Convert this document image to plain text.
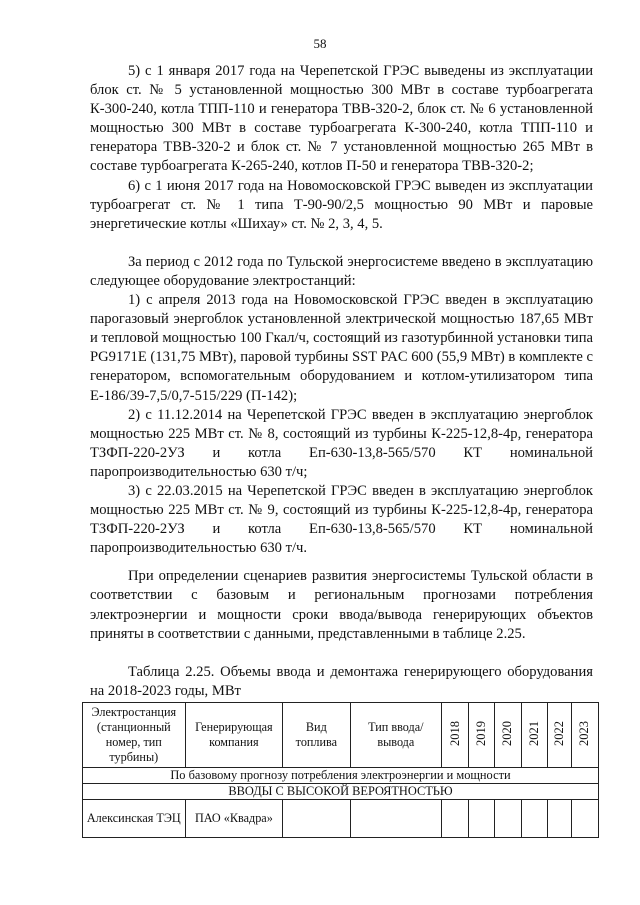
58

5) с 1 января 2017 года на Черепетской ГРЭС выведены из эксплуатации блок ст. № 5 установленной мощностью 300 МВт в составе турбоагрегата К-300-240, котла ТПП-110 и генератора ТВВ-320-2, блок ст. № 6 установленной мощностью 300 МВт в составе турбоагрегата К-300-240, котла ТПП-110 и генератора ТВВ-320-2 и блок ст. № 7 установленной мощностью 265 МВт в составе турбоагрегата К-265-240, котлов П-50 и генератора ТВВ-320-2;

6) с 1 июня 2017 года на Новомосковской ГРЭС выведен из эксплуатации турбоагрегат ст. № 1 типа Т-90-90/2,5 мощностью 90 МВт и паровые энергетические котлы «Шихау» ст. № 2, 3, 4, 5.

За период с 2012 года по Тульской энергосистеме введено в эксплуатацию следующее оборудование электростанций:

1) с апреля 2013 года на Новомосковской ГРЭС введен в эксплуатацию парогазовый энергоблок установленной электрической мощностью 187,65 МВт и тепловой мощностью 100 Гкал/ч, состоящий из газотурбинной установки типа PG9171E (131,75 МВт), паровой турбины SST PAC 600 (55,9 МВт) в комплекте с генератором, вспомогательным оборудованием и котлом-утилизатором типа Е-186/39-7,5/0,7-515/229 (П-142);

2) с 11.12.2014 на Черепетской ГРЭС введен в эксплуатацию энергоблок мощностью 225 МВт ст. № 8, состоящий из турбины К-225-12,8-4р, генератора ТЗФП-220-2УЗ и котла Еп-630-13,8-565/570 КТ номинальной паропроизводительностью 630 т/ч;

3) с 22.03.2015 на Черепетской ГРЭС введен в эксплуатацию энергоблок мощностью 225 МВт ст. № 9, состоящий из турбины К-225-12,8-4р, генератора ТЗФП-220-2УЗ и котла Еп-630-13,8-565/570 КТ номинальной паропроизводительностью 630 т/ч.

При определении сценариев развития энергосистемы Тульской области в соответствии с базовым и региональным прогнозами потребления электроэнергии и мощности сроки ввода/вывода генерирующих объектов приняты в соответствии с данными, представленными в таблице 2.25.

Таблица 2.25. Объемы ввода и демонтажа генерирующего оборудования на 2018-2023 годы, МВт

Электростанция (станционный номер, тип турбины)	Генерирующая компания	Вид топлива	Тип ввода/вывода	2018	2019	2020	2021	2022	2023
По базовому прогнозу потребления электроэнергии и мощности									
ВВОДЫ С ВЫСОКОЙ ВЕРОЯТНОСТЬЮ									
Алексинская ТЭЦ	ПАО «Квадра»								
